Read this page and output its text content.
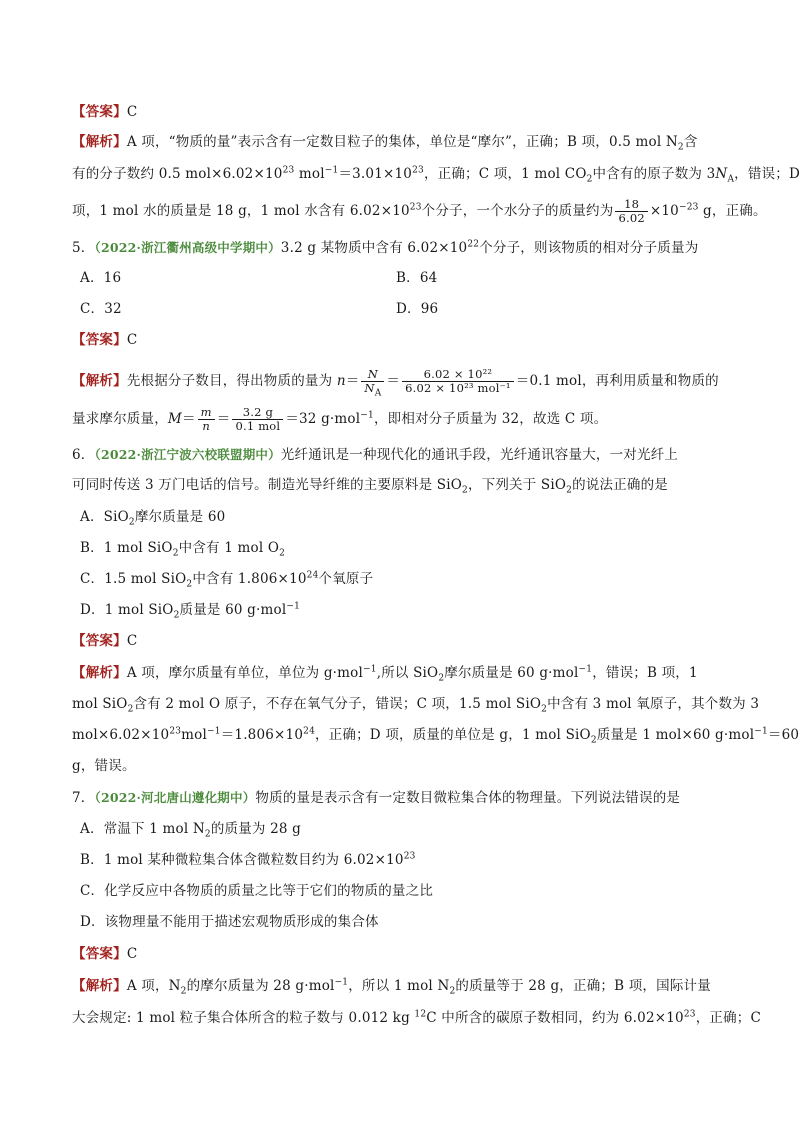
【答案】C
【解析】A 项，“物质的量”表示含有一定数目粒子的集体，单位是“摩尔”，正确；B 项，0.5 mol $N_2$含
有的分子数约 0.5 $mol\times 6.02\times 10^{23}$ $mol^{-1}=3.01\times 10^{23}$，正确；C 项，1 mol $CO_2$中含有的原子数为 $3N_A$，错误；D
项，1 mol 水的质量是 18 g，1 mol 水含有 $6.02\times 10^{23}$个分子，一个水分子的质量约为 $\frac{18}{6.02} \times 10^{-23}$ g，正确。
5．（2022·浙江衢州高级中学期中）3.2 g 某物质中含有 $6.02\times 10^{22}$个分子，则该物质的相对分子质量为
A．16	B．64
C．32	D．96
【答案】C
【解析】先根据分子数目，得出物质的量为 $n= \frac{N}{N_A} = \frac{\text{6.02 × 10²²}}{\text{6.02 × 10²³ mol⁻¹}} =0.1$ mol，再利用质量和物质的
量求摩尔质量，$M= \frac{m}{n} = \frac{3.2 g}{\text{0.1 mol}} =32$ g·mol$^{-1}$，即相对分子质量为 32，故选 C 项。
6．（2022·浙江宁波六校联盟期中）光纤通讯是一种现代化的通讯手段，光纤通讯容量大，一对光纤上
可同时传送 3 万门电话的信号。制造光导纤维的主要原料是 SiO$_2$，下列关于 SiO$_2$的说法正确的是
A．SiO$_2$摩尔质量是 60
B．1 mol SiO$_2$中含有 1 mol $O_2$
C．1.5 mol SiO$_2$中含有 $1.806\times 10^{24}$个氧原子
D．1 mol SiO$_2$质量是 60 g·mol$^{-1}$
【答案】C
【解析】A 项，摩尔质量有单位，单位为 g·mol$^{-1}$,所以 SiO$_2$摩尔质量是 60 g·mol$^{-1}$，错误；B 项，1
mol SiO$_2$含有 2 mol O 原子，不存在氧气分子，错误；C 项，1.5 mol SiO$_2$中含有 3 mol 氧原子，其个数为 3
$mol\times 6.02\times 10^{23}mol^{-1}=1.806\times 10^{24}$，正确；D 项，质量的单位是 g，1 mol SiO$_2$质量是 1 mol×60 g·mol$^{-1}$＝60
g，错误。
7．（2022·河北唐山遵化期中）物质的量是表示含有一定数目微粒集合体的物理量。下列说法错误的是
A．常温下 1 mol $N_2$的质量为 28 g
B．1 mol 某种微粒集合体含微粒数目约为 $6.02\times 10^{23}$
C．化学反应中各物质的质量之比等于它们的物质的量之比
D．该物理量不能用于描述宏观物质形成的集合体
【答案】C
【解析】A 项，$N_2$的摩尔质量为 28 g·mol$^{-1}$，所以 1 mol $N_2$的质量等于 28 g，正确；B 项，国际计量
大会规定: 1 mol 粒子集合体所含的粒子数与 0.012 kg $^{12}$C 中所含的碳原子数相同，约为 $6.02\times 10^{23}$，正确；C
